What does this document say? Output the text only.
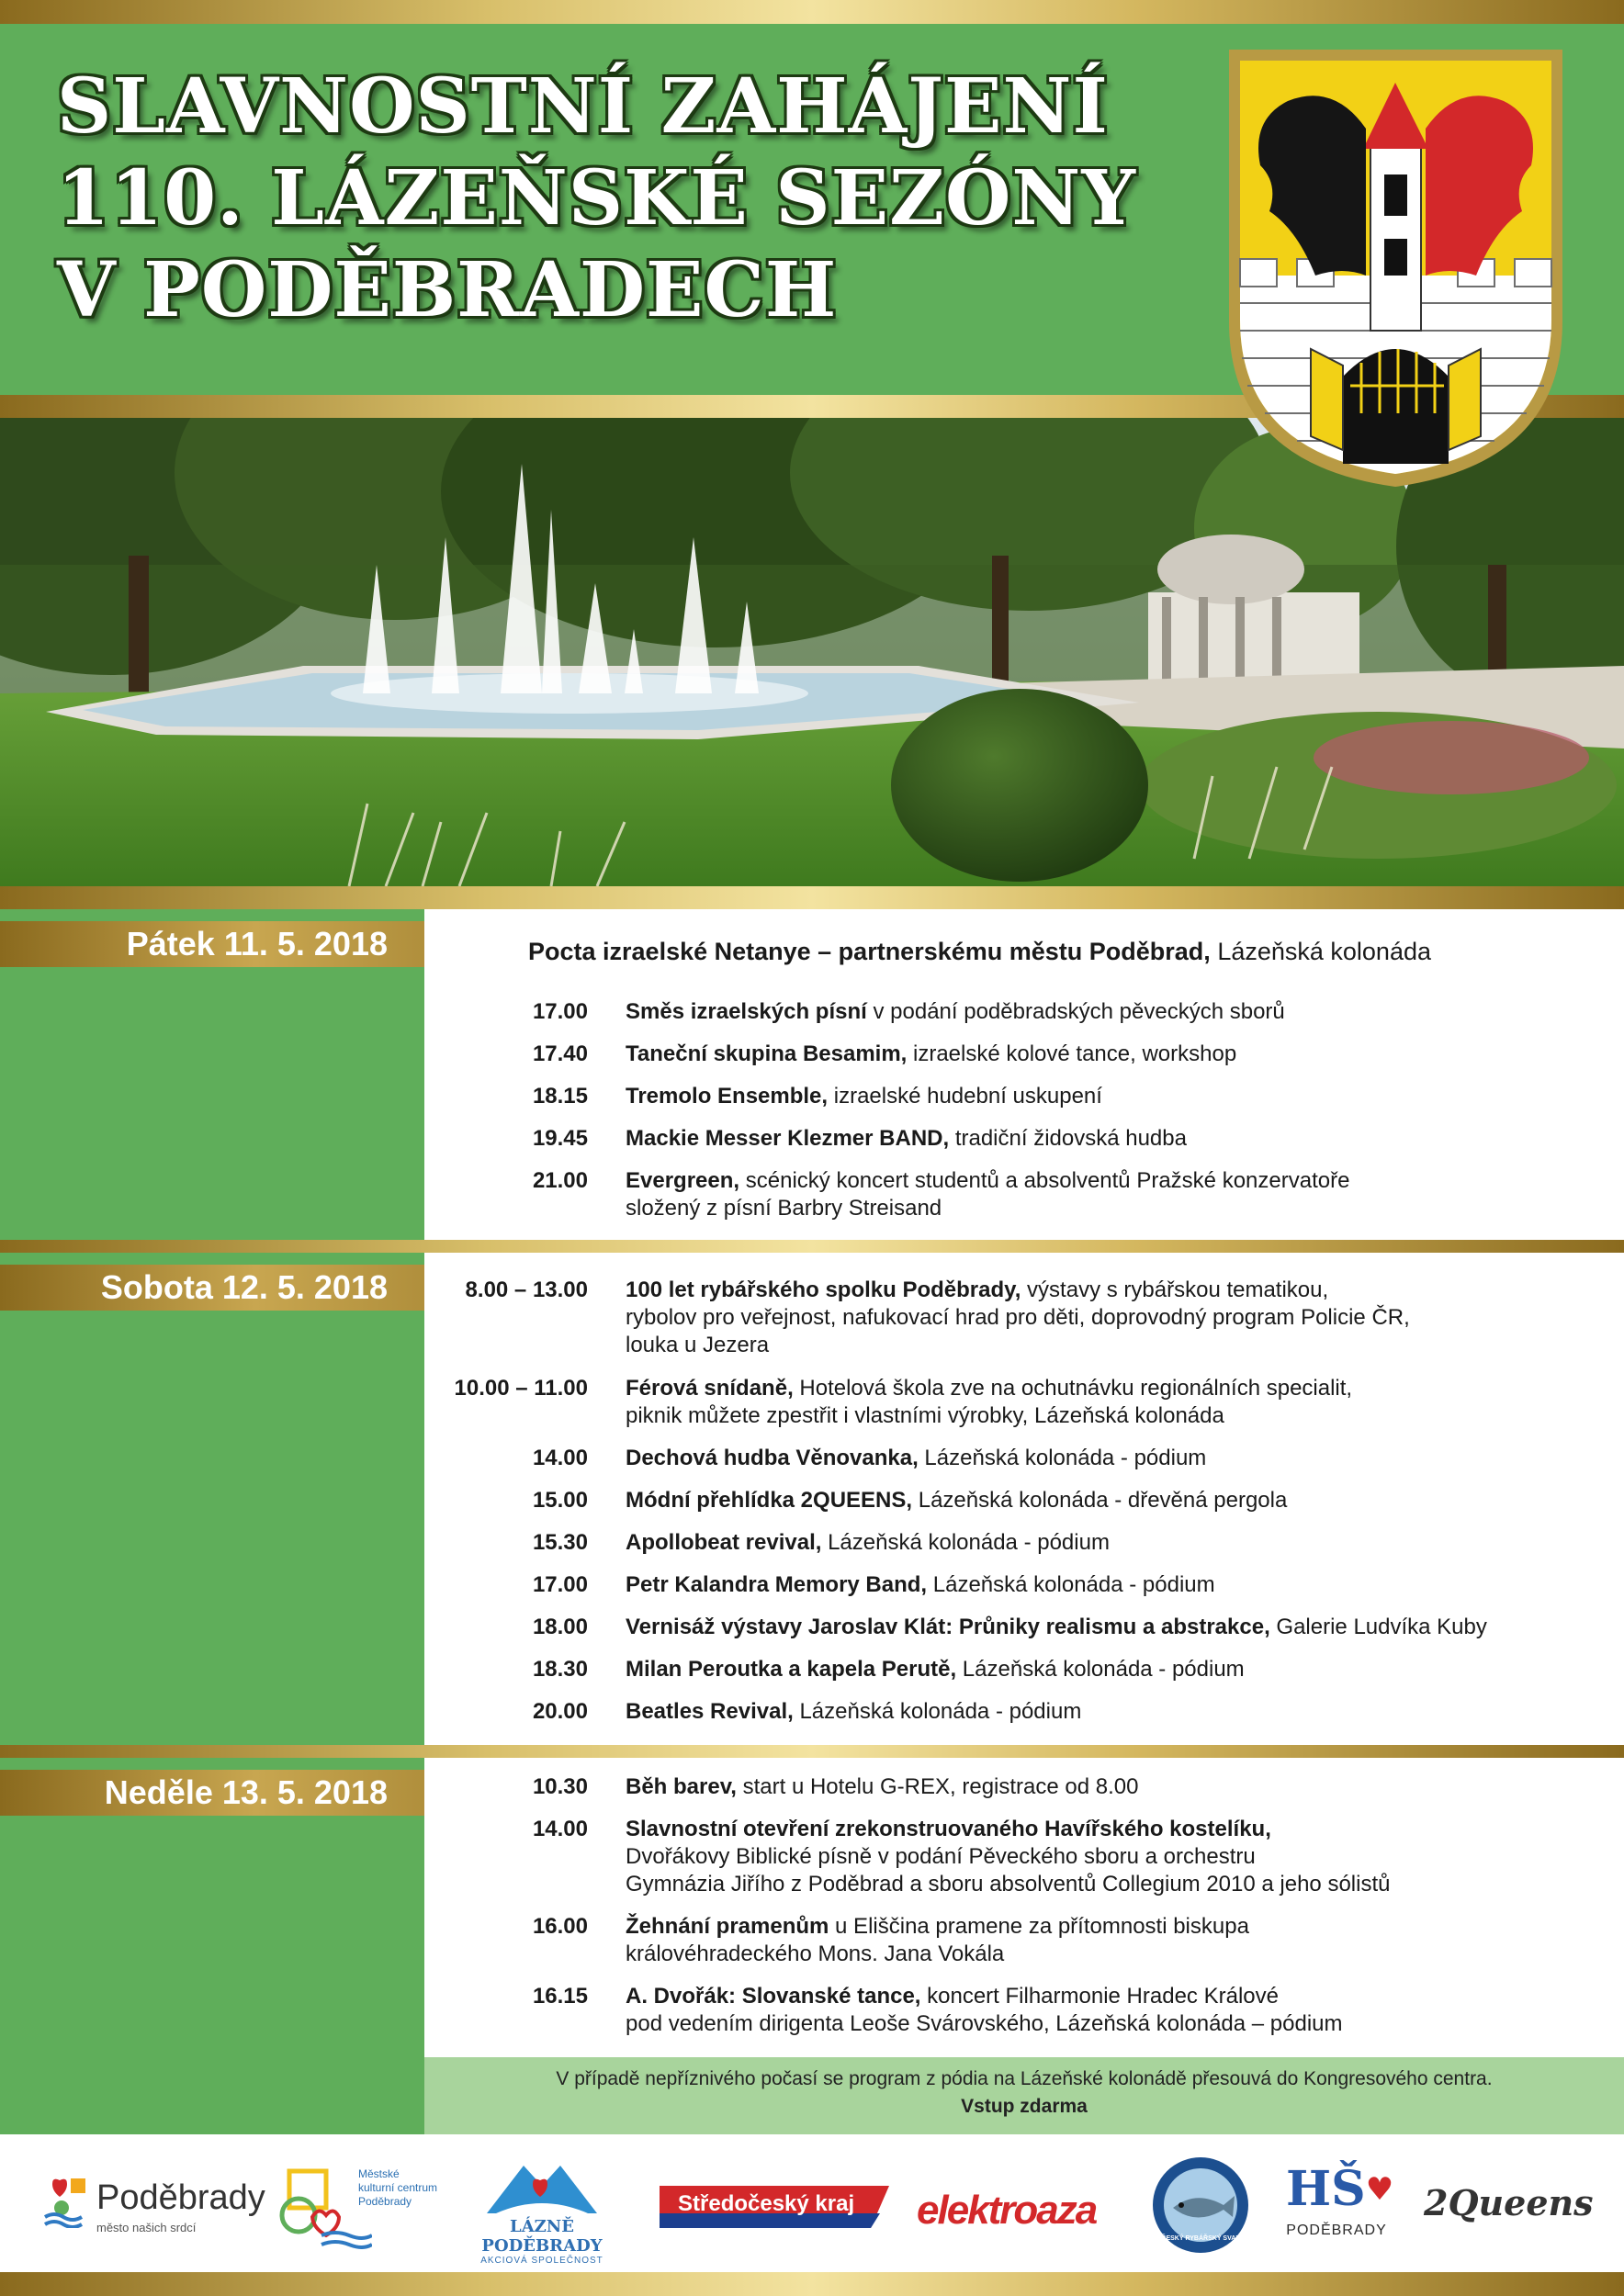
SLAVNOSTNÍ ZAHÁJENÍ
110. LÁZEŇSKÉ SEZÓNY
V PODĚBRADECH
Pátek 11. 5. 2018	Pocta izraelské Netanye – partnerskému městu Poděbrad, Lázeňská kolonáda
17.00 Směs izraelských písní v podání poděbradských pěveckých sborů
17.40 Taneční skupina Besamim, izraelské kolové tance, workshop
18.15 Tremolo Ensemble, izraelské hudební uskupení
19.45 Mackie Messer Klezmer BAND, tradiční židovská hudba
21.00 Evergreen, scénický koncert studentů a absolventů Pražské konzervatoře
složený z písní Barbry Streisand
Sobota 12. 5. 2018	8.00 – 13.00 100 let rybářského spolku Poděbrady, výstavy s rybářskou tematikou,
rybolov pro veřejnost, nafukovací hrad pro děti, doprovodný program Policie ČR,
louka u Jezera
10.00 – 11.00 Férová snídaně, Hotelová škola zve na ochutnávku regionálních specialit,
piknik můžete zpestřit i vlastními výrobky, Lázeňská kolonáda
14.00 Dechová hudba Věnovanka, Lázeňská kolonáda - pódium
15.00 Módní přehlídka 2QUEENS, Lázeňská kolonáda - dřevěná pergola
15.30 Apollobeat revival, Lázeňská kolonáda - pódium
17.00 Petr Kalandra Memory Band, Lázeňská kolonáda - pódium
18.00 Vernisáž výstavy Jaroslav Klát: Průniky realismu a abstrakce, Galerie Ludvíka Kuby
18.30 Milan Peroutka a kapela Perutě, Lázeňská kolonáda - pódium
20.00 Beatles Revival, Lázeňská kolonáda - pódium
Neděle 13. 5. 2018	10.30 Běh barev, start u Hotelu G-REX, registrace od 8.00
14.00 Slavnostní otevření zrekonstruovaného Havířského kostelíku,
Dvořákovy Biblické písně v podání Pěveckého sboru a orchestru
Gymnázia Jiřího z Poděbrad a sboru absolventů Collegium 2010 a jeho sólistů
16.00 Žehnání pramenům u Eliščina pramene za přítomnosti biskupa
královéhradeckého Mons. Jana Vokála
16.15 A. Dvořák: Slovanské tance, koncert Filharmonie Hradec Králové
pod vedením dirigenta Leoše Svárovského, Lázeňská kolonáda – pódium
V případě nepříznivého počasí se program z pódia na Lázeňské kolonádě přesouvá do Kongresového centra.
Vstup zdarma
Poděbrady
město našich srdcí
Městské
kulturní centrum
Poděbrady
LÁZNĚ PODĚBRADY
AKCIOVÁ SPOLEČNOST
Středočeský kraj elektroaza
ČESKÝ RYBÁŘSKÝ SVAZ
HŠ♥
PODĚBRADY
2Queens
